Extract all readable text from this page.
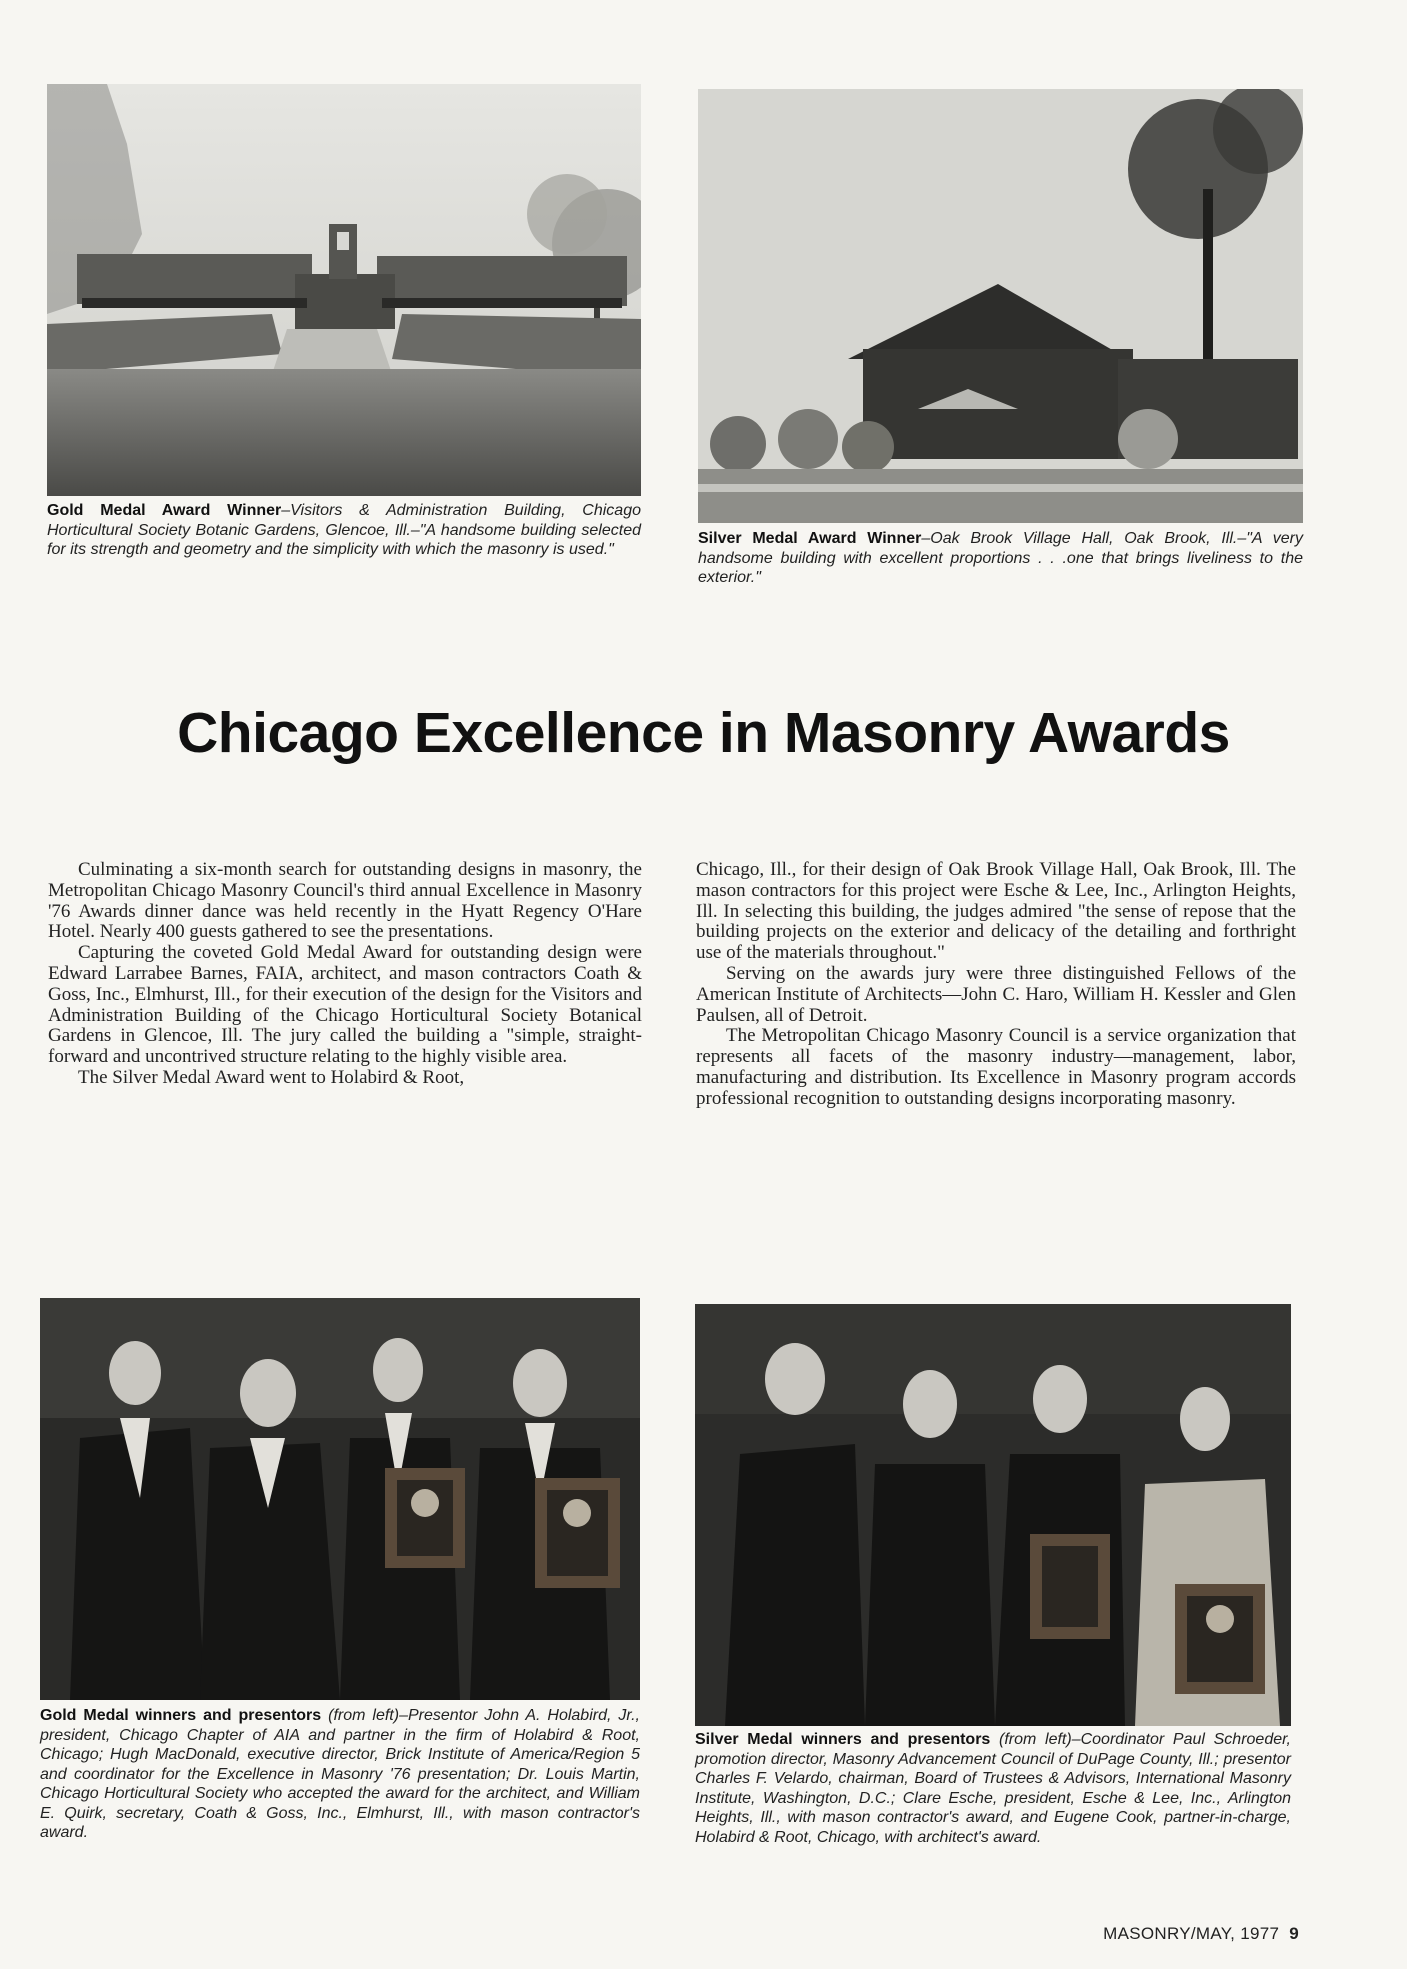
Gold Medal Award Winner–Visitors & Administration Building, Chicago Horticultural Society Botanic Gardens, Glencoe, Ill.–"A handsome building selected for its strength and geometry and the simplicity with which the masonry is used."
Silver Medal Award Winner–Oak Brook Village Hall, Oak Brook, Ill.–"A very handsome building with excellent proportions . . .one that brings liveliness to the exterior."
Chicago Excellence in Masonry Awards

Culminating a six-month search for outstanding designs in masonry, the Metropolitan Chicago Masonry Council's third annual Excellence in Masonry '76 Awards dinner dance was held recently in the Hyatt Regency O'Hare Hotel. Nearly 400 guests gathered to see the presentations.

Capturing the coveted Gold Medal Award for outstanding design were Edward Larrabee Barnes, FAIA, architect, and mason contractors Coath & Goss, Inc., Elmhurst, Ill., for their execution of the design for the Visitors and Administration Building of the Chicago Horticultural Society Botanical Gardens in Glencoe, Ill. The jury called the building a "simple, straight-forward and uncontrived structure relating to the highly visible area.

The Silver Medal Award went to Holabird & Root,

Chicago, Ill., for their design of Oak Brook Village Hall, Oak Brook, Ill. The mason contractors for this project were Esche & Lee, Inc., Arlington Heights, Ill. In selecting this building, the judges admired "the sense of repose that the building projects on the exterior and delicacy of the detailing and forthright use of the materials throughout."

Serving on the awards jury were three distinguished Fellows of the American Institute of Architects—John C. Haro, William H. Kessler and Glen Paulsen, all of Detroit.

The Metropolitan Chicago Masonry Council is a service organization that represents all facets of the masonry industry—management, labor, manufacturing and distribution. Its Excellence in Masonry program accords professional recognition to outstanding designs incorporating masonry.

Gold Medal winners and presentors (from left)–Presentor John A. Holabird, Jr., president, Chicago Chapter of AIA and partner in the firm of Holabird & Root, Chicago; Hugh MacDonald, executive director, Brick Institute of America/Region 5 and coordinator for the Excellence in Masonry '76 presentation; Dr. Louis Martin, Chicago Horticultural Society who accepted the award for the architect, and William E. Quirk, secretary, Coath & Goss, Inc., Elmhurst, Ill., with mason contractor's award.
Silver Medal winners and presentors (from left)–Coordinator Paul Schroeder, promotion director, Masonry Advancement Council of DuPage County, Ill.; presentor Charles F. Velardo, chairman, Board of Trustees & Advisors, International Masonry Institute, Washington, D.C.; Clare Esche, president, Esche & Lee, Inc., Arlington Heights, Ill., with mason contractor's award, and Eugene Cook, partner-in-charge, Holabird & Root, Chicago, with architect's award.
MASONRY/MAY, 1977 9
